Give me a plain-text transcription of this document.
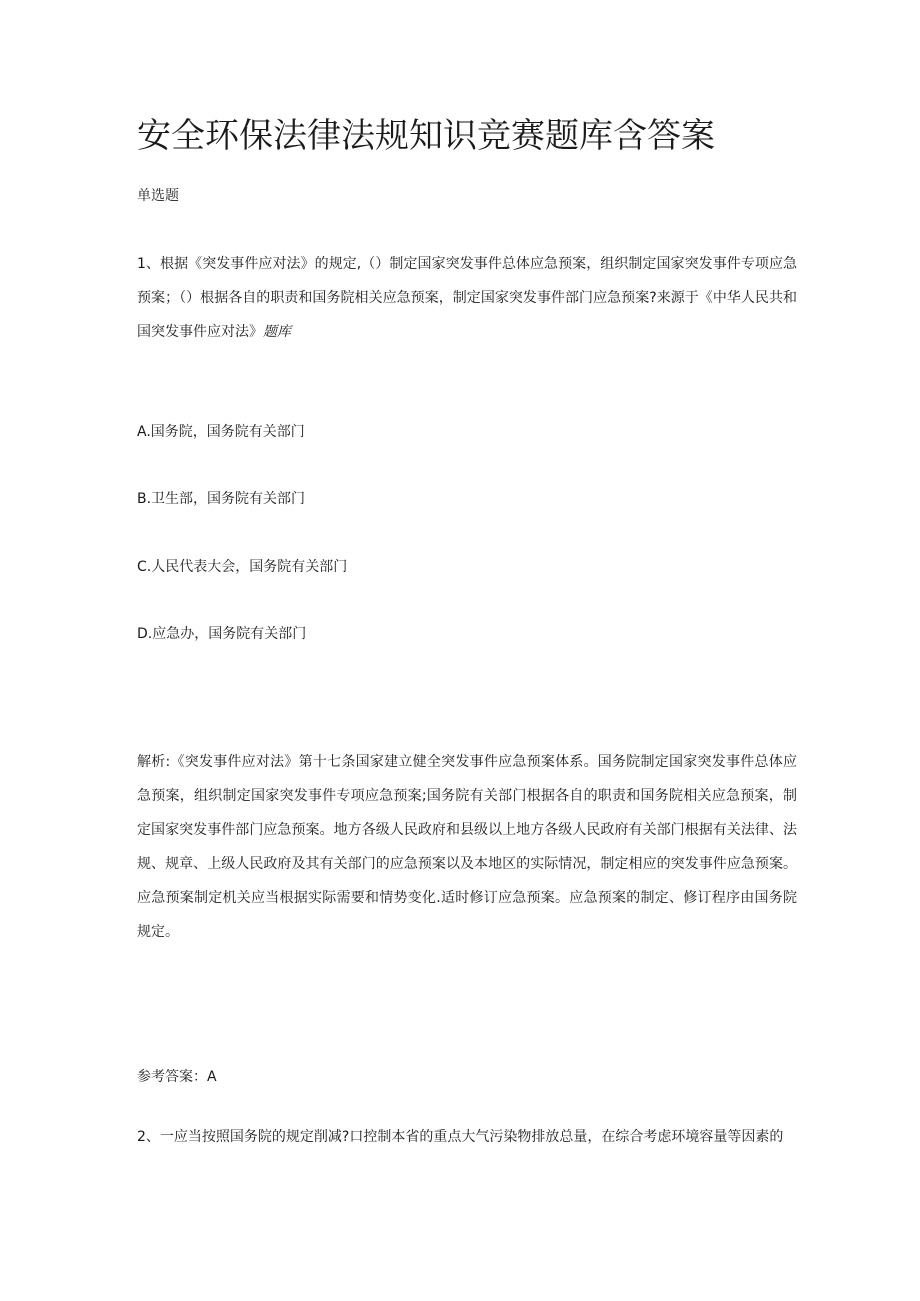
安全环保法律法规知识竞赛题库含答案
单选题
1、根据《突发事件应对法》的规定,（）制定国家突发事件总体应急预案，组织制定国家突发事件专项应急预案；（）根据各自的职责和国务院相关应急预案，制定国家突发事件部门应急预案?来源于《中华人民共和国突发事件应对法》题库
A.国务院，国务院有关部门
B.卫生部，国务院有关部门
C.人民代表大会，国务院有关部门
D.应急办，国务院有关部门
解析:《突发事件应对法》第十七条国家建立健全突发事件应急预案体系。国务院制定国家突发事件总体应急预案，组织制定国家突发事件专项应急预案;国务院有关部门根据各自的职责和国务院相关应急预案，制定国家突发事件部门应急预案。地方各级人民政府和县级以上地方各级人民政府有关部门根据有关法律、法规、规章、上级人民政府及其有关部门的应急预案以及本地区的实际情况，制定相应的突发事件应急预案。应急预案制定机关应当根据实际需要和情势变化.适时修订应急预案。应急预案的制定、修订程序由国务院规定。
参考答案：A
2、一应当按照国务院的规定削减?口控制本省的重点大气污染物排放总量，在综合考虑环境容量等因素的
